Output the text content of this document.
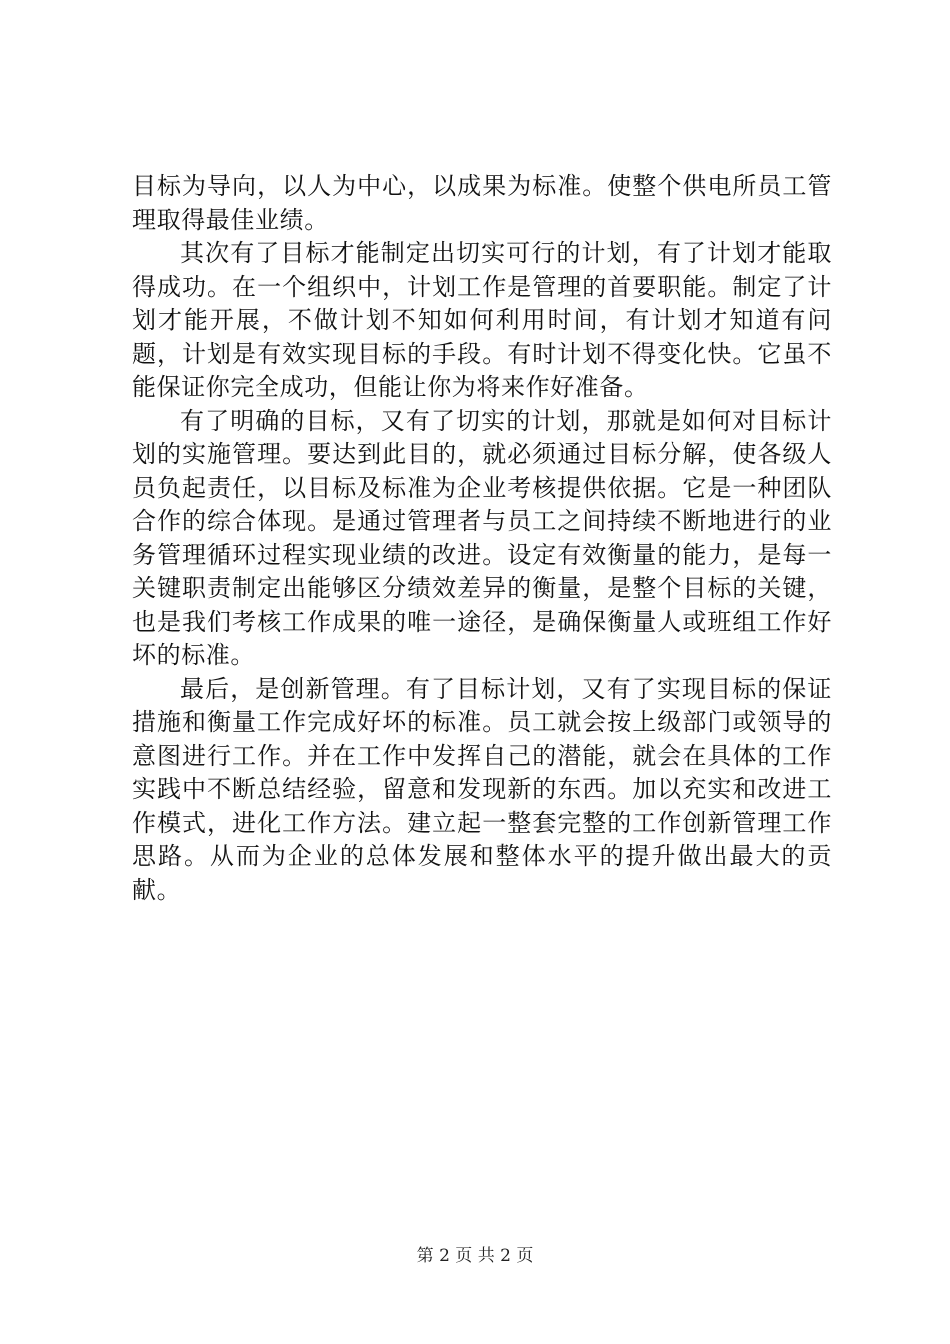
目标为导向，以人为中心，以成果为标准。使整个供电所员工管理取得最佳业绩。

其次有了目标才能制定出切实可行的计划，有了计划才能取得成功。在一个组织中，计划工作是管理的首要职能。制定了计划才能开展，不做计划不知如何利用时间，有计划才知道有问题，计划是有效实现目标的手段。有时计划不得变化快。它虽不能保证你完全成功，但能让你为将来作好准备。

有了明确的目标，又有了切实的计划，那就是如何对目标计划的实施管理。要达到此目的，就必须通过目标分解，使各级人员负起责任，以目标及标准为企业考核提供依据。它是一种团队合作的综合体现。是通过管理者与员工之间持续不断地进行的业务管理循环过程实现业绩的改进。设定有效衡量的能力，是每一关键职责制定出能够区分绩效差异的衡量，是整个目标的关键，也是我们考核工作成果的唯一途径，是确保衡量人或班组工作好坏的标准。

最后，是创新管理。有了目标计划，又有了实现目标的保证措施和衡量工作完成好坏的标准。员工就会按上级部门或领导的意图进行工作。并在工作中发挥自己的潜能，就会在具体的工作实践中不断总结经验，留意和发现新的东西。加以充实和改进工作模式，进化工作方法。建立起一整套完整的工作创新管理工作思路。从而为企业的总体发展和整体水平的提升做出最大的贡献。

第 2 页 共 2 页
